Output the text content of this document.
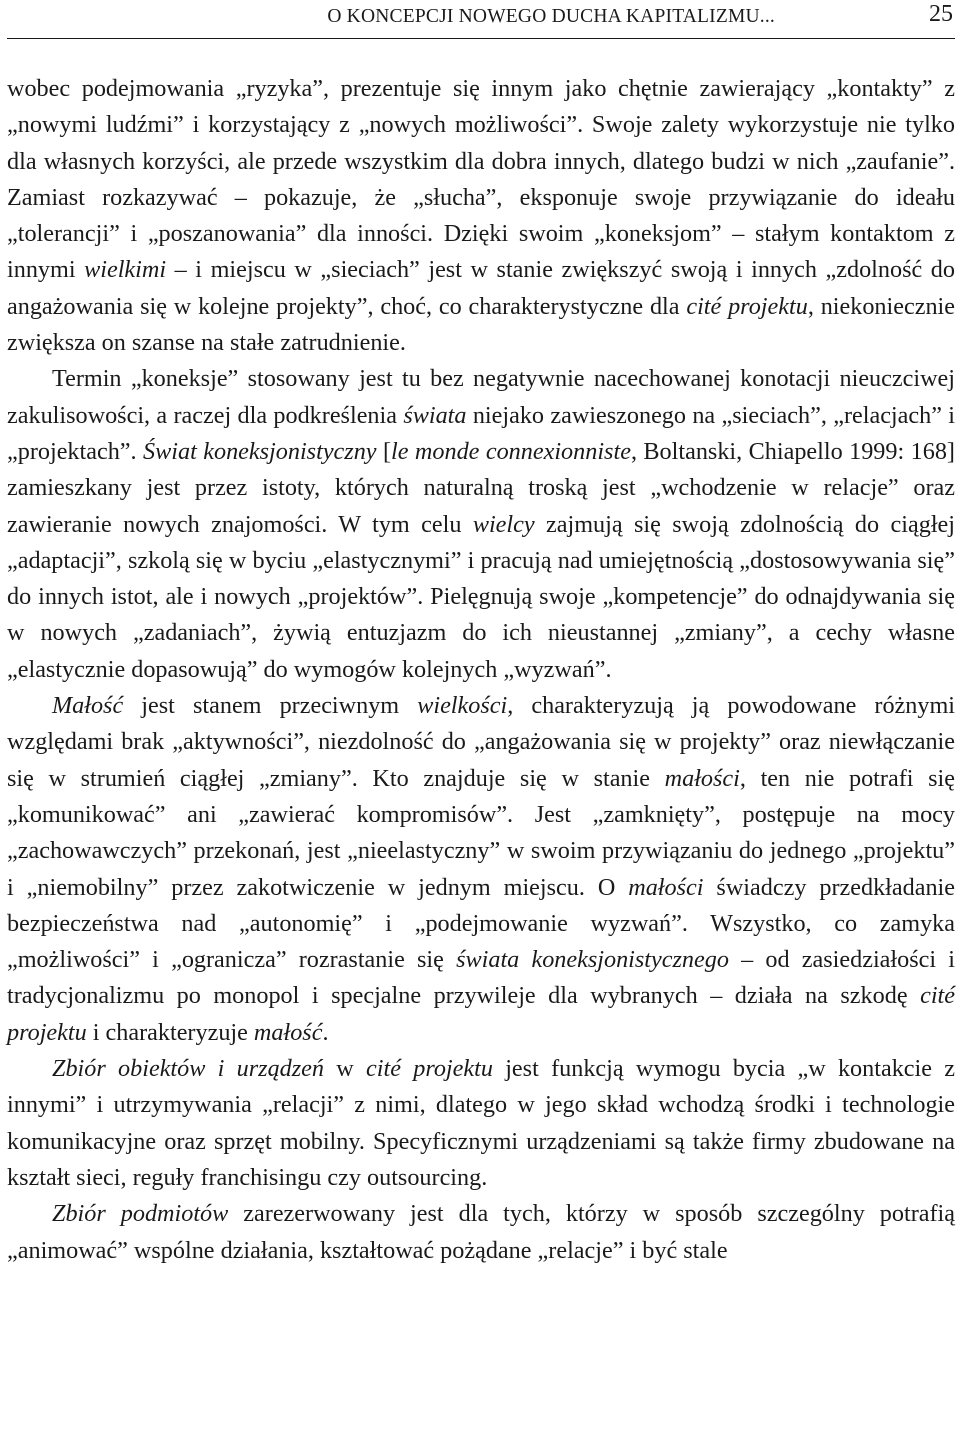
O KONCEPCJI NOWEGO DUCHA KAPITALIZMU...	25

wobec podejmowania „ryzyka”, prezentuje się innym jako chętnie zawierający „kontakty” z „nowymi ludźmi” i korzystający z „nowych możliwości”. Swoje zalety wykorzystuje nie tylko dla własnych korzyści, ale przede wszystkim dla dobra innych, dlatego budzi w nich „zaufanie”. Zamiast rozkazywać – pokazuje, że „słucha”, eksponuje swoje przywiązanie do ideału „tolerancji” i „poszanowania” dla inności. Dzięki swoim „koneksjom” – stałym kontaktom z innymi wielkimi – i miejscu w „sieciach” jest w stanie zwiększyć swoją i innych „zdolność do angażowania się w kolejne projekty”, choć, co charakterystyczne dla cité projektu, niekoniecznie zwiększa on szanse na stałe zatrudnienie.

Termin „koneksje” stosowany jest tu bez negatywnie nacechowanej konotacji nieuczciwej zakulisowości, a raczej dla podkreślenia świata niejako zawieszonego na „sieciach”, „relacjach” i „projektach”. Świat koneksjonistyczny [le monde connexionniste, Boltanski, Chiapello 1999: 168] zamieszkany jest przez istoty, których naturalną troską jest „wchodzenie w relacje” oraz zawieranie nowych znajomości. W tym celu wielcy zajmują się swoją zdolnością do ciągłej „adaptacji”, szkolą się w byciu „elastycznymi” i pracują nad umiejętnością „dostosowywania się” do innych istot, ale i nowych „projektów”. Pielęgnują swoje „kompetencje” do odnajdywania się w nowych „zadaniach”, żywią entuzjazm do ich nieustannej „zmiany”, a cechy własne „elastycznie dopasowują” do wymogów kolejnych „wyzwań”.

Małość jest stanem przeciwnym wielkości, charakteryzują ją powodowane różnymi względami brak „aktywności”, niezdolność do „angażowania się w projekty” oraz niewłączanie się w strumień ciągłej „zmiany”. Kto znajduje się w stanie małości, ten nie potrafi się „komunikować” ani „zawierać kompromisów”. Jest „zamknięty”, postępuje na mocy „zachowawczych” przekonań, jest „nieelastyczny” w swoim przywiązaniu do jednego „projektu” i „niemobilny” przez zakotwiczenie w jednym miejscu. O małości świadczy przedkładanie bezpieczeństwa nad „autonomię” i „podejmowanie wyzwań”. Wszystko, co zamyka „możliwości” i „ogranicza” rozrastanie się świata koneksjonistycznego – od zasiedziałości i tradycjonalizmu po monopol i specjalne przywileje dla wybranych – działa na szkodę cité projektu i charakteryzuje małość.

Zbiór obiektów i urządzeń w cité projektu jest funkcją wymogu bycia „w kontakcie z innymi” i utrzymywania „relacji” z nimi, dlatego w jego skład wchodzą środki i technologie komunikacyjne oraz sprzęt mobilny. Specyficznymi urządzeniami są także firmy zbudowane na kształt sieci, reguły franchisingu czy outsourcing.

Zbiór podmiotów zarezerwowany jest dla tych, którzy w sposób szczególny potrafią „animować” wspólne działania, kształtować pożądane „relacje” i być stale
